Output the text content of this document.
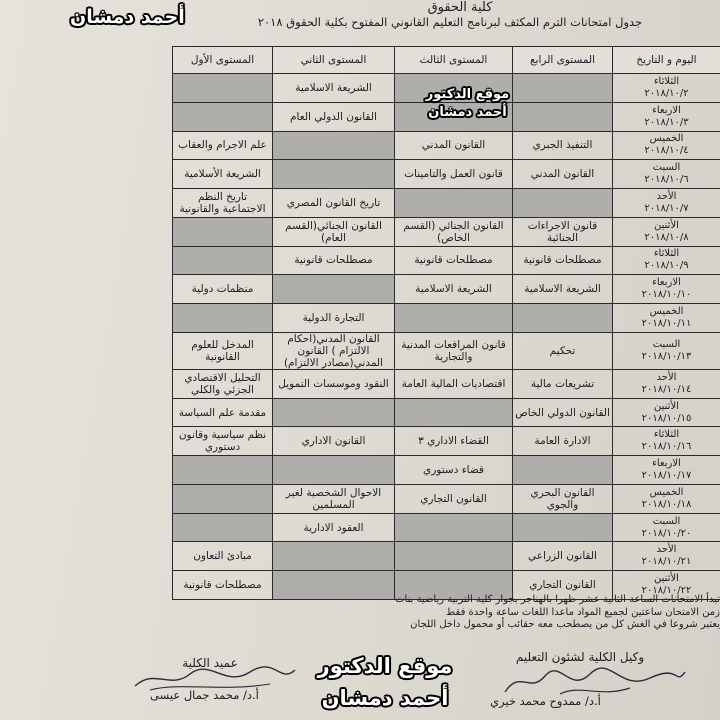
كلية الحقوق
جدول امتحانات الترم المكثف لبرنامج التعليم القانوني المفتوح بكلية الحقوق ٢٠١٨
أحمد دمشان
اليوم و التاريخ	المستوى الرابع	المستوى الثالث	المستوى الثاني	المستوى الأول

الثلاثاء
٢٠١٨/١٠/٢			الشريعة الاسلامية	

الاربعاء
٢٠١٨/١٠/٣			القانون الدولي العام	

الخميس
٢٠١٨/١٠/٤	التنفيذ الجبري	القانون المدني		علم الاجرام والعقاب

السبت
٢٠١٨/١٠/٦	القانون المدني	قانون العمل والتامينات		الشريعة الأسلامية

الأحد
٢٠١٨/١٠/٧			تاريخ القانون المصري	تاريخ النظم الاجتماعية والقانونية

الأثنين
٢٠١٨/١٠/٨	قانون الاجراءات الجنائية	القانون الجنائي (القسم الخاص)	القانون الجنائي(القسم العام)	

الثلاثاء
٢٠١٨/١٠/٩	مصطلحات قانونية	مصطلحات قانونية	مصطلحات قانونية	

الاربعاء
٢٠١٨/١٠/١٠	الشريعة الاسلامية	الشريعة الاسلامية		منظمات دولية

الخميس
٢٠١٨/١٠/١١			التجارة الدولية	

السبت
٢٠١٨/١٠/١٣	تحكيم	قانون المرافعات المدنية والتجارية	القانون المدني(احكام الالتزام ) القانون المدني(مصادر الالتزام)	المدخل للعلوم القانونية

الأحد
٢٠١٨/١٠/١٤	تشريعات مالية	اقتصاديات المالية العامة	النقود وموسسات التمويل	التحليل الاقتصادي الجزئي والكلي

الأثنين
٢٠١٨/١٠/١٥	القانون الدولي الخاص			مقدمة علم السياسة

الثلاثاء
٢٠١٨/١٠/١٦	الادارة العامة	القضاء الاداري ٣	القانون الاداري	نظم سياسية وقانون دستوري

الاربعاء
٢٠١٨/١٠/١٧		قضاء دستوري		

الخميس
٢٠١٨/١٠/١٨	القانون البحري والجوي	القانون التجاري	الاحوال الشخصية لغير المسلمين	

السبت
٢٠١٨/١٠/٢٠			العقود الادارية	

الأحد
٢٠١٨/١٠/٢١	القانون الزراعي			مبادئ التعاون

الأثنين
٢٠١٨/١٠/٢٢	القانون التجاري			مصطلحات قانونية
موقع الدكتور
أحمد دمشان
تبدأ الامتحانات الساعة الثانية عشر ظهرا بالهناجر بجوار كلية التربية رياضية بنات
زمن الامتحان ساعتين لجميع المواد ماعدا اللغات ساعة واحدة فقط
يعتبر شروعا في الغش كل من يصطحب معه حقائب أو محمول داخل اللجان
وكيل الكلية لشئون التعليم
عميد الكلية
أ.د/ ممدوح محمد خيري
أ.د/ محمد جمال عيسى
موقع الدكتور
أحمد دمشان
